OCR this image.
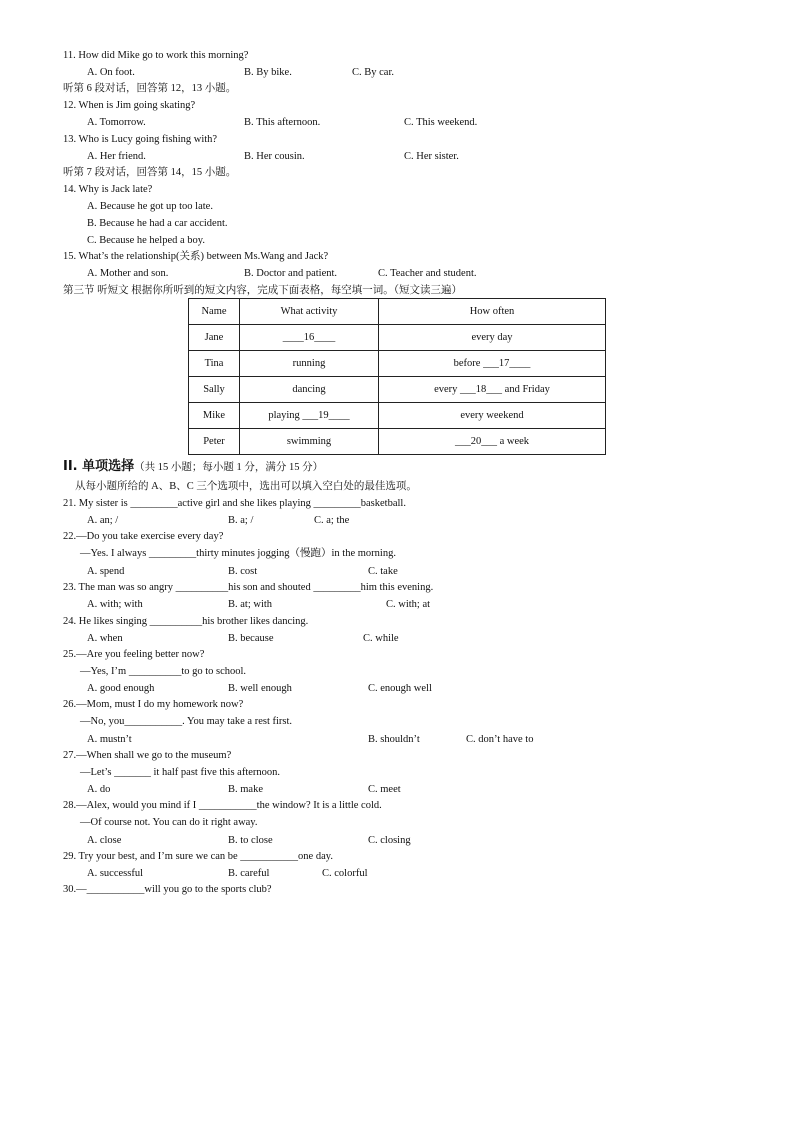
11. How did Mike go to work this morning?
A. On foot.	B. By bike.	C. By car.
听第 6 段对话，回答第 12，13 小题。
12. When is Jim going skating?
A. Tomorrow.	B. This afternoon.	C. This weekend.
13. Who is Lucy going fishing with?
A. Her friend.	B. Her cousin.	C. Her sister.
听第 7 段对话，回答第 14，15 小题。
14. Why is Jack late?
A. Because he got up too late.
B. Because he had a car accident.
C. Because he helped a boy.
15. What’s the relationship(关系) between Ms.Wang and Jack?
A. Mother and son.	B. Doctor and patient.	C. Teacher and student.
第三节 听短文 根据你所听到的短文内容，完成下面表格，每空填一词。（短文读三遍）
Name	What activity	How often
Jane	____16____	every day
Tina	running	before ___17____
Sally	dancing	every ___18___ and Friday
Mike	playing ___19____	every weekend
Peter	swimming	___20___ a week
II. 单项选择（共 15 小题；每小题 1 分，满分 15 分）
从每小题所给的 A、B、C 三个选项中，选出可以填入空白处的最佳选项。
21. My sister is _________active girl and she likes playing _________basketball.
A. an; /	B. a; /	C. a; the
22.—Do you take exercise every day?
—Yes. I always _________thirty minutes jogging（慢跑）in the morning.
A. spend	B. cost	C. take
23. The man was so angry __________his son and shouted _________him this evening.
A. with; with	B. at; with	C. with; at
24. He likes singing __________his brother likes dancing.
A. when	B. because	C. while
25.—Are you feeling better now?
—Yes, I’m __________to go to school.
A. good enough	B. well enough	C. enough well
26.—Mom, must I do my homework now?
—No, you___________. You may take a rest first.
A. mustn’t	B. shouldn’t	C. don’t have to
27.—When shall we go to the museum?
—Let’s _______ it half past five this afternoon.
A. do	B. make	C. meet
28.—Alex, would you mind if I ___________the window? It is a little cold.
—Of course not. You can do it right away.
A. close	B. to close	C. closing
29. Try your best, and I’m sure we can be ___________one day.
A. successful	B. careful	C. colorful
30.—___________will you go to the sports club?
